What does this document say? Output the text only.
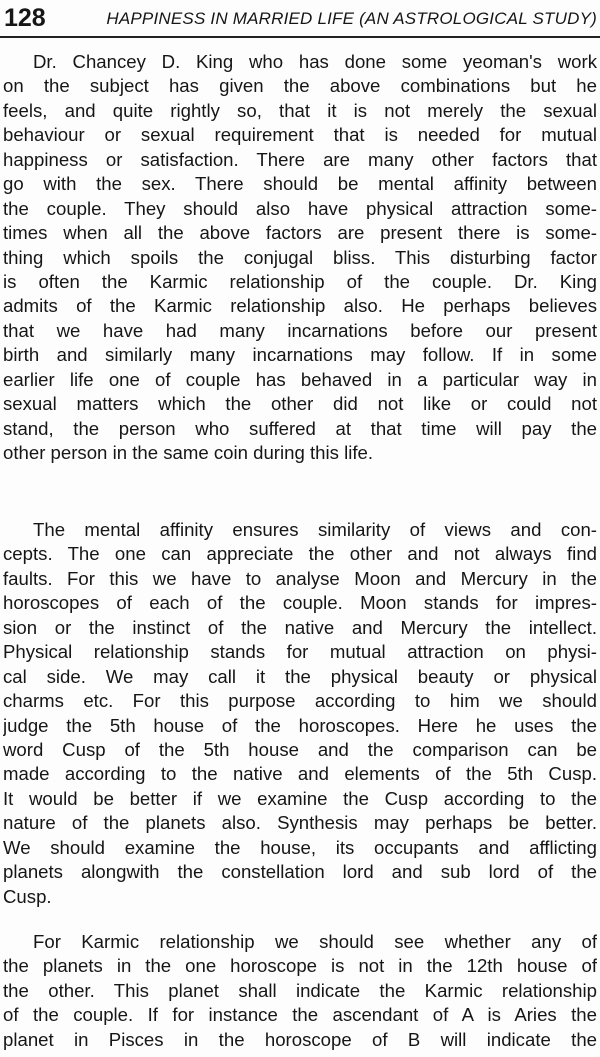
128	HAPPINESS IN MARRIED LIFE (AN ASTROLOGICAL STUDY)
Dr. Chancey D. King who has done some yeoman's work
on the subject has given the above combinations but he
feels, and quite rightly so, that it is not merely the sexual
behaviour or sexual requirement that is needed for mutual
happiness or satisfaction. There are many other factors that
go with the sex. There should be mental affinity between
the couple. They should also have physical attraction some-
times when all the above factors are present there is some-
thing which spoils the conjugal bliss. This disturbing factor
is often the Karmic relationship of the couple. Dr. King
admits of the Karmic relationship also. He perhaps believes
that we have had many incarnations before our present
birth and similarly many incarnations may follow. If in some
earlier life one of couple has behaved in a particular way in
sexual matters which the other did not like or could not
stand, the person who suffered at that time will pay the
other person in the same coin during this life.
The mental affinity ensures similarity of views and con-
cepts. The one can appreciate the other and not always find
faults. For this we have to analyse Moon and Mercury in the
horoscopes of each of the couple. Moon stands for impres-
sion or the instinct of the native and Mercury the intellect.
Physical relationship stands for mutual attraction on physi-
cal side. We may call it the physical beauty or physical
charms etc. For this purpose according to him we should
judge the 5th house of the horoscopes. Here he uses the
word Cusp of the 5th house and the comparison can be
made according to the native and elements of the 5th Cusp.
It would be better if we examine the Cusp according to the
nature of the planets also. Synthesis may perhaps be better.
We should examine the house, its occupants and afflicting
planets alongwith the constellation lord and sub lord of the
Cusp.
For Karmic relationship we should see whether any of
the planets in the one horoscope is not in the 12th house of
the other. This planet shall indicate the Karmic relationship
of the couple. If for instance the ascendant of A is Aries the
planet in Pisces in the horoscope of B will indicate the
